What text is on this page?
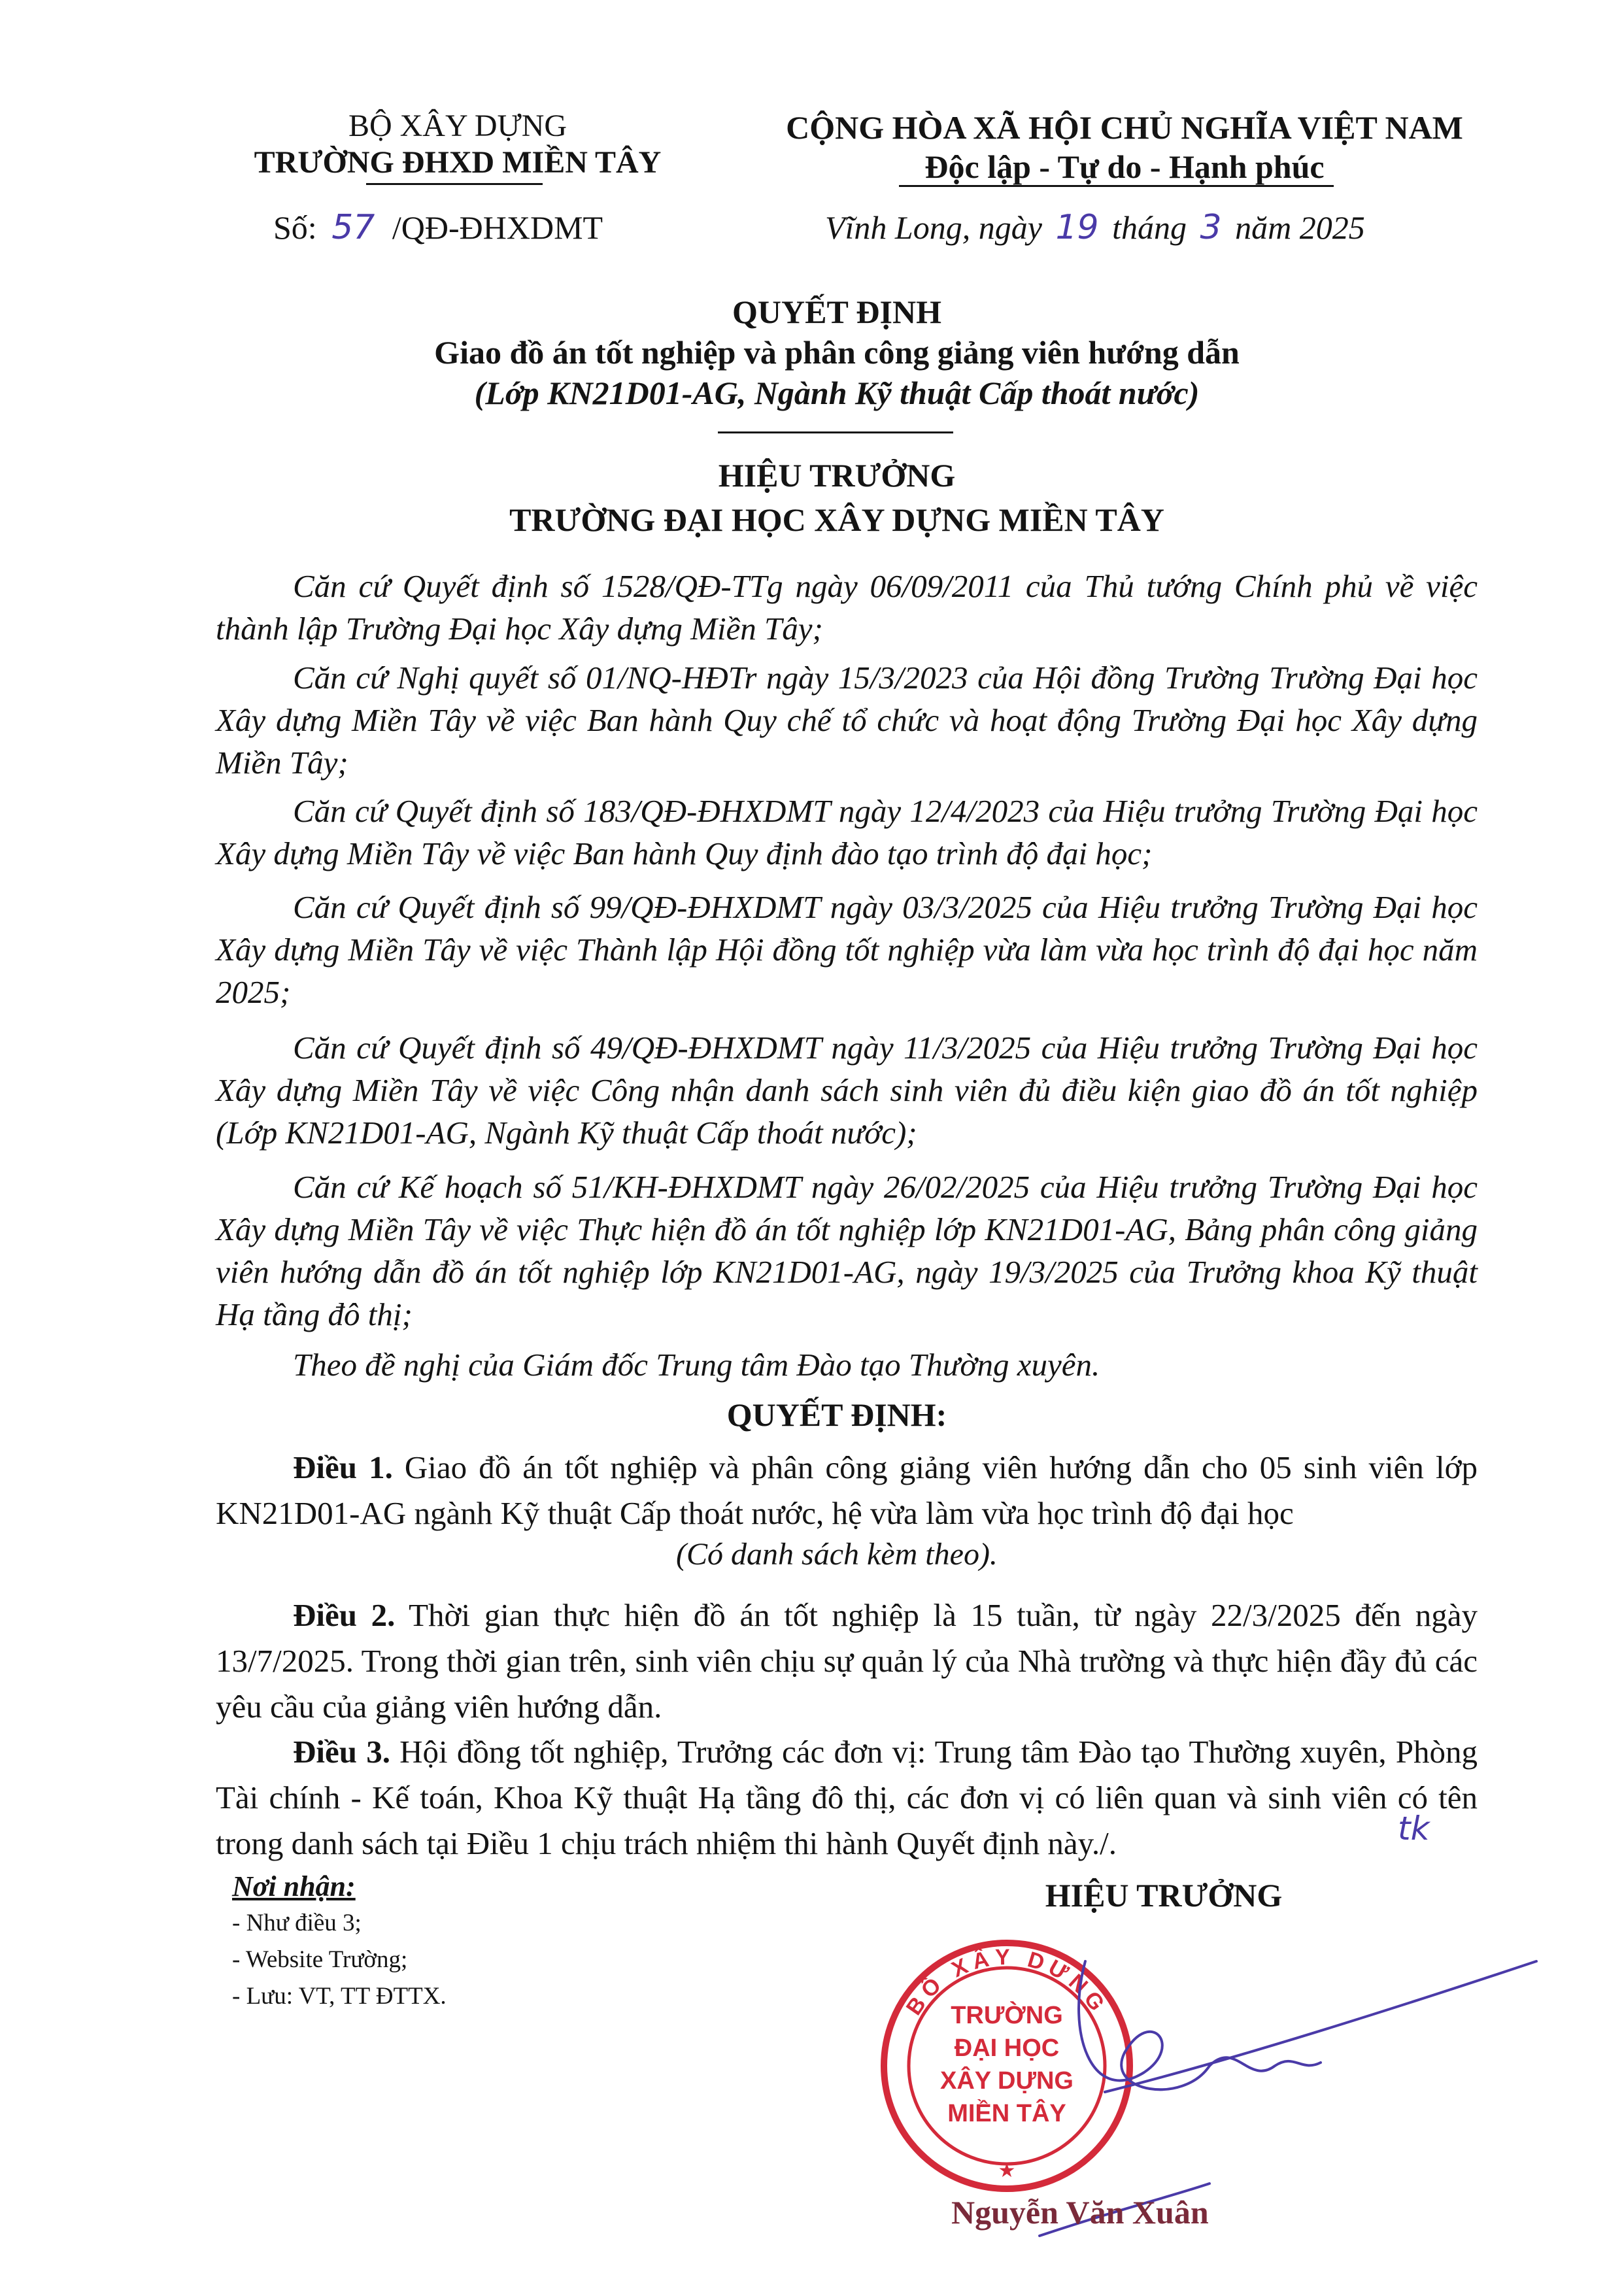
BỘ XÂY DỰNG
TRƯỜNG ĐHXD MIỀN TÂY
Số: 57 /QĐ-ĐHXDMT
CỘNG HÒA XÃ HỘI CHỦ NGHĨA VIỆT NAM
Độc lập - Tự do - Hạnh phúc
Vĩnh Long, ngày 19 tháng 3 năm 2025
QUYẾT ĐỊNH
Giao đồ án tốt nghiệp và phân công giảng viên hướng dẫn
(Lớp KN21D01-AG, Ngành Kỹ thuật Cấp thoát nước)
HIỆU TRƯỞNG
TRƯỜNG ĐẠI HỌC XÂY DỰNG MIỀN TÂY
Căn cứ Quyết định số 1528/QĐ-TTg ngày 06/09/2011 của Thủ tướng Chính phủ về việc thành lập Trường Đại học Xây dựng Miền Tây;
Căn cứ Nghị quyết số 01/NQ-HĐTr ngày 15/3/2023 của Hội đồng Trường Trường Đại học Xây dựng Miền Tây về việc Ban hành Quy chế tổ chức và hoạt động Trường Đại học Xây dựng Miền Tây;
Căn cứ Quyết định số 183/QĐ-ĐHXDMT ngày 12/4/2023 của Hiệu trưởng Trường Đại học Xây dựng Miền Tây về việc Ban hành Quy định đào tạo trình độ đại học;
Căn cứ Quyết định số 99/QĐ-ĐHXDMT ngày 03/3/2025 của Hiệu trưởng Trường Đại học Xây dựng Miền Tây về việc Thành lập Hội đồng tốt nghiệp vừa làm vừa học trình độ đại học năm 2025;
Căn cứ Quyết định số 49/QĐ-ĐHXDMT ngày 11/3/2025 của Hiệu trưởng Trường Đại học Xây dựng Miền Tây về việc Công nhận danh sách sinh viên đủ điều kiện giao đồ án tốt nghiệp (Lớp KN21D01-AG, Ngành Kỹ thuật Cấp thoát nước);
Căn cứ Kế hoạch số 51/KH-ĐHXDMT ngày 26/02/2025 của Hiệu trưởng Trường Đại học Xây dựng Miền Tây về việc Thực hiện đồ án tốt nghiệp lớp KN21D01-AG, Bảng phân công giảng viên hướng dẫn đồ án tốt nghiệp lớp KN21D01-AG, ngày 19/3/2025 của Trưởng khoa Kỹ thuật Hạ tầng đô thị;
Theo đề nghị của Giám đốc Trung tâm Đào tạo Thường xuyên.
QUYẾT ĐỊNH:
Điều 1. Giao đồ án tốt nghiệp và phân công giảng viên hướng dẫn cho 05 sinh viên lớp KN21D01-AG ngành Kỹ thuật Cấp thoát nước, hệ vừa làm vừa học trình độ đại học
(Có danh sách kèm theo).
Điều 2. Thời gian thực hiện đồ án tốt nghiệp là 15 tuần, từ ngày 22/3/2025 đến ngày 13/7/2025. Trong thời gian trên, sinh viên chịu sự quản lý của Nhà trường và thực hiện đầy đủ các yêu cầu của giảng viên hướng dẫn.
Điều 3. Hội đồng tốt nghiệp, Trưởng các đơn vị: Trung tâm Đào tạo Thường xuyên, Phòng Tài chính - Kế toán, Khoa Kỹ thuật Hạ tầng đô thị, các đơn vị có liên quan và sinh viên có tên trong danh sách tại Điều 1 chịu trách nhiệm thi hành Quyết định này./.	tk
Nơi nhận:
- Như điều 3;
- Website Trường;
- Lưu: VT, TT ĐTTX.
HIỆU TRƯỞNG
BỘ XÂY DỰNG
TRƯỜNG
ĐẠI HỌC
XÂY DỰNG
MIỀN TÂY
★
Nguyễn Văn Xuân
